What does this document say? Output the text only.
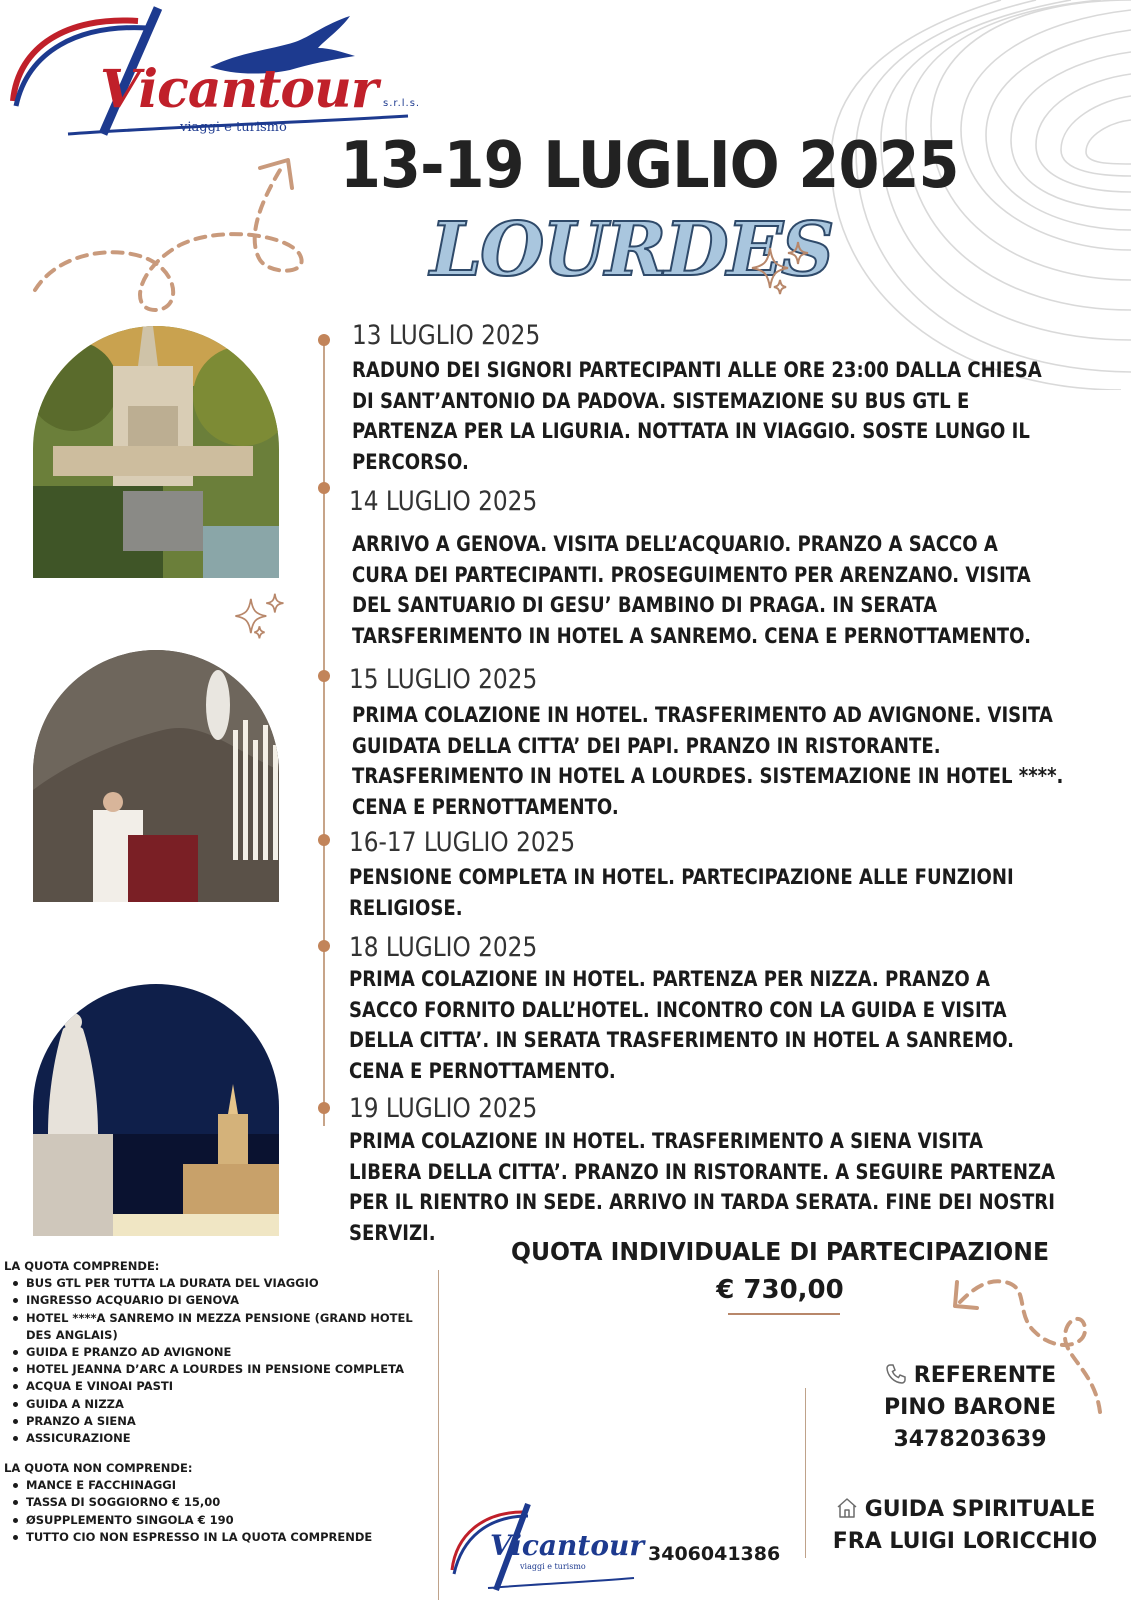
Vicantour s.r.l.s.
viaggi e turismo
13-19 LUGLIO 2025
LOURDES
13 LUGLIO 2025

RADUNO DEI SIGNORI PARTECIPANTI ALLE ORE 23:00 DALLA CHIESA

DI SANT’ANTONIO DA PADOVA. SISTEMAZIONE SU BUS GTL E

PARTENZA PER LA LIGURIA. NOTTATA IN VIAGGIO. SOSTE LUNGO IL

PERCORSO.

14 LUGLIO 2025

ARRIVO A GENOVA. VISITA DELL’ACQUARIO. PRANZO A SACCO A

CURA DEI PARTECIPANTI. PROSEGUIMENTO PER ARENZANO. VISITA

DEL SANTUARIO DI GESU’ BAMBINO DI PRAGA. IN SERATA

TARSFERIMENTO IN HOTEL A SANREMO. CENA E PERNOTTAMENTO.

15 LUGLIO 2025

PRIMA COLAZIONE IN HOTEL. TRASFERIMENTO AD AVIGNONE. VISITA

GUIDATA DELLA CITTA’ DEI PAPI. PRANZO IN RISTORANTE.

TRASFERIMENTO IN HOTEL A LOURDES. SISTEMAZIONE IN HOTEL ****.

CENA E PERNOTTAMENTO.

16-17 LUGLIO 2025

PENSIONE COMPLETA IN HOTEL. PARTECIPAZIONE ALLE FUNZIONI

RELIGIOSE.

18 LUGLIO 2025

PRIMA COLAZIONE IN HOTEL. PARTENZA PER NIZZA. PRANZO A

SACCO FORNITO DALL’HOTEL. INCONTRO CON LA GUIDA E VISITA

DELLA CITTA’. IN SERATA TRASFERIMENTO IN HOTEL A SANREMO.

CENA E PERNOTTAMENTO.

19 LUGLIO 2025

PRIMA COLAZIONE IN HOTEL. TRASFERIMENTO A SIENA VISITA

LIBERA DELLA CITTA’. PRANZO IN RISTORANTE. A SEGUIRE PARTENZA

PER IL RIENTRO IN SEDE. ARRIVO IN TARDA SERATA. FINE DEI NOSTRI

SERVIZI.

LA QUOTA COMPRENDE:
BUS GTL PER TUTTA LA DURATA DEL VIAGGIO
INGRESSO ACQUARIO DI GENOVA
HOTEL ****A SANREMO IN MEZZA PENSIONE (GRAND HOTEL DES ANGLAIS)
GUIDA E PRANZO AD AVIGNONE
HOTEL JEANNA D’ARC A LOURDES IN PENSIONE COMPLETA
ACQUA E VINOAI PASTI
GUIDA A NIZZA
PRANZO A SIENA
ASSICURAZIONE
LA QUOTA NON COMPRENDE:
MANCE E FACCHINAGGI
TASSA DI SOGGIORNO € 15,00
ØSUPPLEMENTO SINGOLA € 190
TUTTO CIO NON ESPRESSO IN LA QUOTA COMPRENDE
QUOTA INDIVIDUALE DI PARTECIPAZIONE
€ 730,00
REFERENTE
PINO BARONE
3478203639
GUIDA SPIRITUALE
FRA LUIGI LORICCHIO
Vicantour
viaggi e turismo
3406041386
